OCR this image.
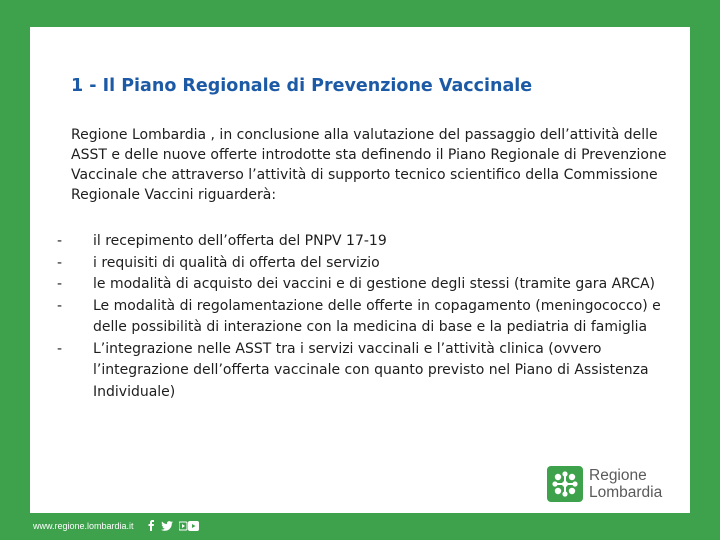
1 - Il Piano Regionale di Prevenzione Vaccinale

Regione Lombardia , in conclusione alla valutazione del passaggio dell’attività delle ASST e delle nuove offerte introdotte sta definendo il Piano Regionale di Prevenzione Vaccinale che attraverso l’attività di supporto tecnico scientifico della Commissione Regionale Vaccini riguarderà:

-	il recepimento dell’offerta del PNPV 17-19
-	i requisiti di qualità di offerta del servizio
-	le modalità di acquisto dei vaccini e di gestione degli stessi (tramite gara ARCA)
-	Le modalità di regolamentazione delle offerte in copagamento (meningococco) e delle possibilità di interazione con la medicina di base e la pediatria di famiglia
-	L’integrazione nelle ASST tra i servizi vaccinali e l’attività clinica (ovvero l’integrazione dell’offerta vaccinale con quanto previsto nel Piano di Assistenza Individuale)
Regione
Lombardia
www.regione.lombardia.it
